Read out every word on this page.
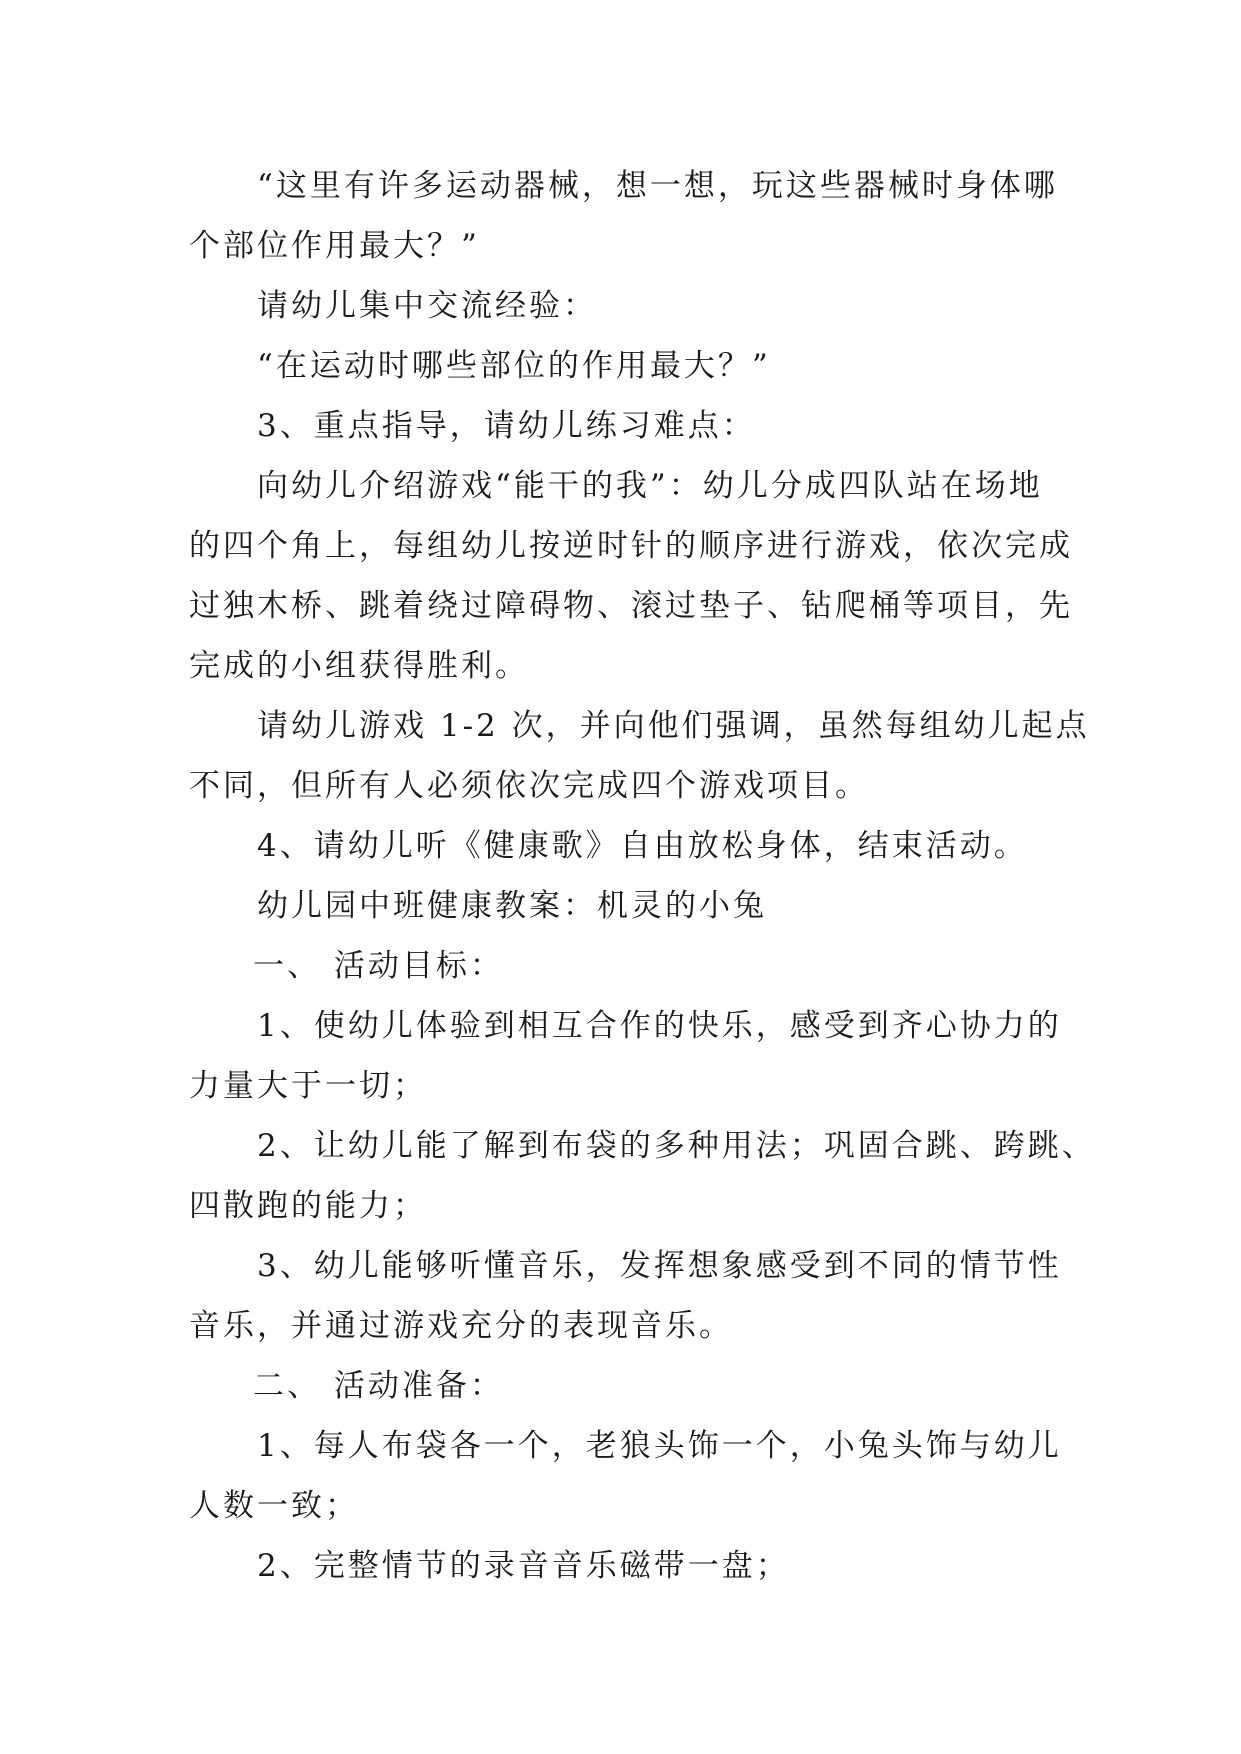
“这里有许多运动器械，想一想，玩这些器械时身体哪

个部位作用最大？”

请幼儿集中交流经验：

“在运动时哪些部位的作用最大？”

3、重点指导，请幼儿练习难点：

向幼儿介绍游戏“能干的我”：幼儿分成四队站在场地

的四个角上，每组幼儿按逆时针的顺序进行游戏，依次完成

过独木桥、跳着绕过障碍物、滚过垫子、钻爬桶等项目，先

完成的小组获得胜利。

请幼儿游戏 1-2 次，并向他们强调，虽然每组幼儿起点

不同，但所有人必须依次完成四个游戏项目。

4、请幼儿听《健康歌》自由放松身体，结束活动。

幼儿园中班健康教案：机灵的小兔

一、 活动目标：

1、使幼儿体验到相互合作的快乐，感受到齐心协力的

力量大于一切；

2、让幼儿能了解到布袋的多种用法；巩固合跳、跨跳、

四散跑的能力；

3、幼儿能够听懂音乐，发挥想象感受到不同的情节性

音乐，并通过游戏充分的表现音乐。

二、 活动准备：

1、每人布袋各一个，老狼头饰一个，小兔头饰与幼儿

人数一致；

2、完整情节的录音音乐磁带一盘；
